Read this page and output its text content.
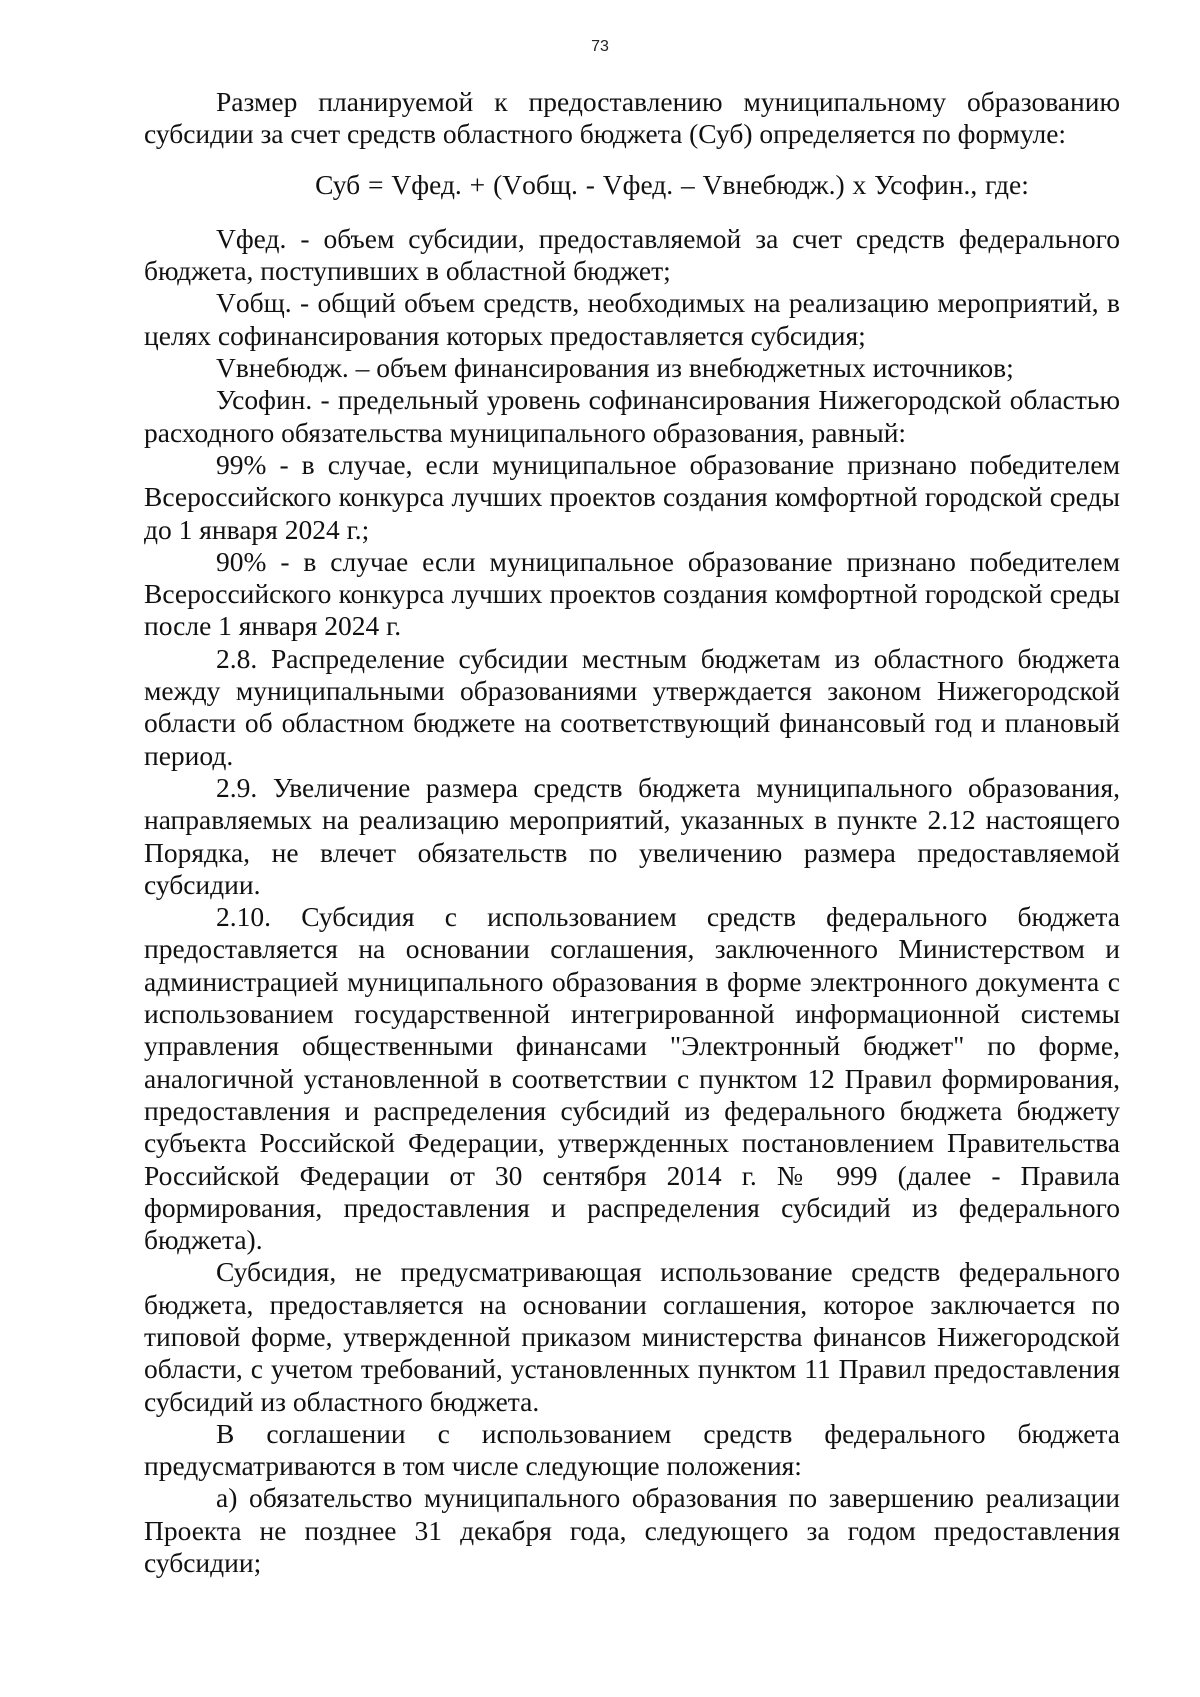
73

Размер планируемой к предоставлению муниципальному образованию субсидии за счет средств областного бюджета (Суб) определяется по формуле:

Суб = Vфед. + (Vобщ. - Vфед. – Vвнебюдж.) x Усофин., где:

Vфед. - объем субсидии, предоставляемой за счет средств федерального бюджета, поступивших в областной бюджет;

Vобщ. - общий объем средств, необходимых на реализацию мероприятий, в целях софинансирования которых предоставляется субсидия;

Vвнебюдж. – объем финансирования из внебюджетных источников;

Усофин. - предельный уровень софинансирования Нижегородской областью расходного обязательства муниципального образования, равный:

99% - в случае, если муниципальное образование признано победителем Всероссийского конкурса лучших проектов создания комфортной городской среды до 1 января 2024 г.;

90% - в случае если муниципальное образование признано победителем Всероссийского конкурса лучших проектов создания комфортной городской среды после 1 января 2024 г.

2.8. Распределение субсидии местным бюджетам из областного бюджета между муниципальными образованиями утверждается законом Нижегородской области об областном бюджете на соответствующий финансовый год и плановый период.

2.9. Увеличение размера средств бюджета муниципального образования, направляемых на реализацию мероприятий, указанных в пункте 2.12 настоящего Порядка, не влечет обязательств по увеличению размера предоставляемой субсидии.

2.10. Субсидия с использованием средств федерального бюджета предоставляется на основании соглашения, заключенного Министерством и администрацией муниципального образования в форме электронного документа с использованием государственной интегрированной информационной системы управления общественными финансами "Электронный бюджет" по форме, аналогичной установленной в соответствии с пунктом 12 Правил формирования, предоставления и распределения субсидий из федерального бюджета бюджету субъекта Российской Федерации, утвержденных постановлением Правительства Российской Федерации от 30 сентября 2014 г. № 999 (далее - Правила формирования, предоставления и распределения субсидий из федерального бюджета).

Субсидия, не предусматривающая использование средств федерального бюджета, предоставляется на основании соглашения, которое заключается по типовой форме, утвержденной приказом министерства финансов Нижегородской области, с учетом требований, установленных пунктом 11 Правил предоставления субсидий из областного бюджета.

В соглашении с использованием средств федерального бюджета предусматриваются в том числе следующие положения:

а) обязательство муниципального образования по завершению реализации Проекта не позднее 31 декабря года, следующего за годом предоставления субсидии;
